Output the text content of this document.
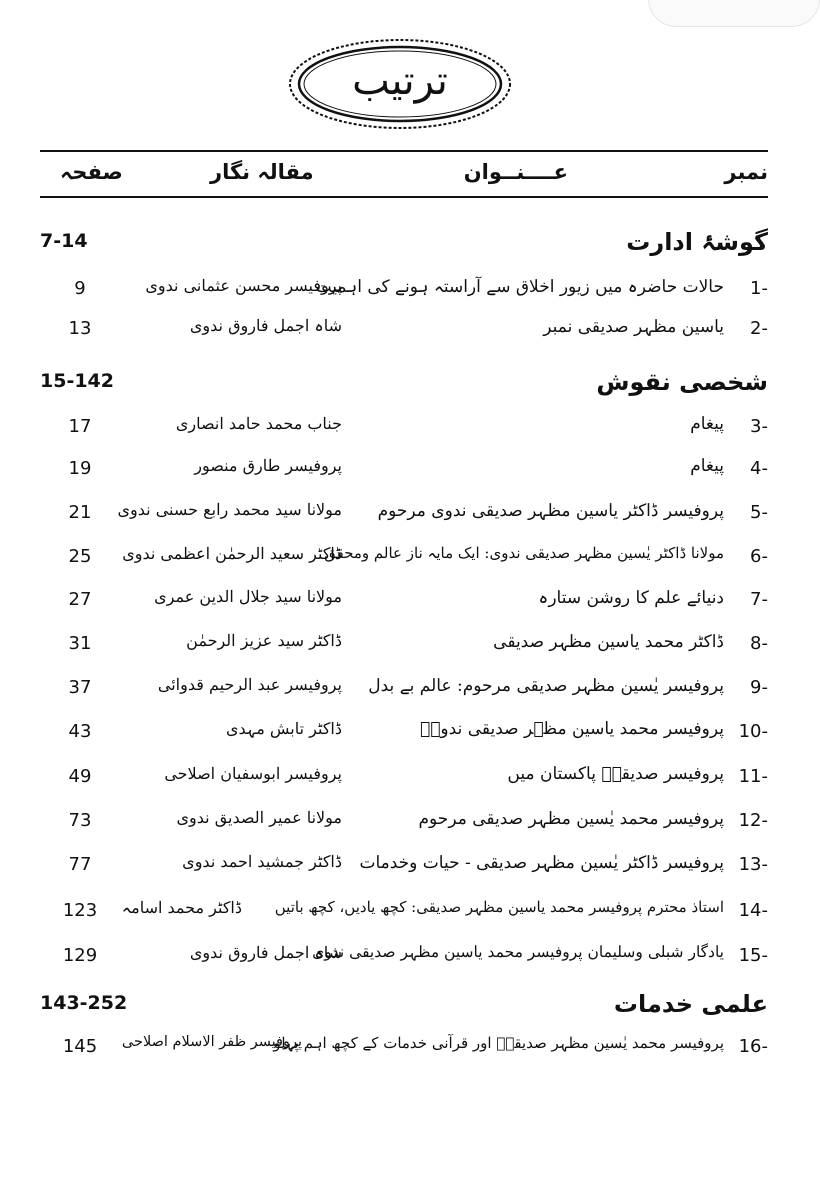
ترتیب
نمبر
عــــنــوان
مقالہ نگار
صفحہ
گوشۂ ادارت
7-14
1-
حالات حاضرہ میں زیور اخلاق سے آراستہ ہونے کی اہمیت
پروفیسر محسن عثمانی ندوی
9
2-
یاسین مظہر صدیقی نمبر
شاہ اجمل فاروق ندوی
13
شخصی نقوش
15-142
3-
پیغام
جناب محمد حامد انصاری
17
4-
پیغام
پروفیسر طارق منصور
19
5-
پروفیسر ڈاکٹر یاسین مظہر صدیقی ندوی مرحوم
مولانا سید محمد رابع حسنی ندوی
21
6-
مولانا ڈاکٹر یٰسین مظہر صدیقی ندوی: ایک مایہ ناز عالم ومحقق
ڈاکٹر سعید الرحمٰن اعظمی ندوی
25
7-
دنیائے علم کا روشن ستارہ
مولانا سید جلال الدین عمری
27
8-
ڈاکٹر محمد یاسین مظہر صدیقی
ڈاکٹر سید عزیز الرحمٰن
31
9-
پروفیسر یٰسین مظہر صدیقی مرحوم: عالم بے بدل
پروفیسر عبد الرحیم قدوائی
37
10-
پروفیسر محمد یاسین مظہر صدیقی ندویؒ
ڈاکٹر تابش مہدی
43
11-
پروفیسر صدیقیؒ پاکستان میں
پروفیسر ابوسفیان اصلاحی
49
12-
پروفیسر محمد یٰسین مظہر صدیقی مرحوم
مولانا عمیر الصدیق ندوی
73
13-
پروفیسر ڈاکٹر یٰسین مظہر صدیقی - حیات وخدمات
ڈاکٹر جمشید احمد ندوی
77
14-
استاذ محترم پروفیسر محمد یاسین مظہر صدیقی: کچھ یادیں، کچھ باتیں
ڈاکٹر محمد اسامہ
123
15-
یادگار شبلی وسلیمان پروفیسر محمد یاسین مظہر صدیقی ندوی
شاہ اجمل فاروق ندوی
129
علمی خدمات
143-252
16-
پروفیسر محمد یٰسین مظہر صدیقیؒ اور قرآنی خدمات کے کچھ اہم پہلو
پروفیسر ظفر الاسلام اصلاحی
145
